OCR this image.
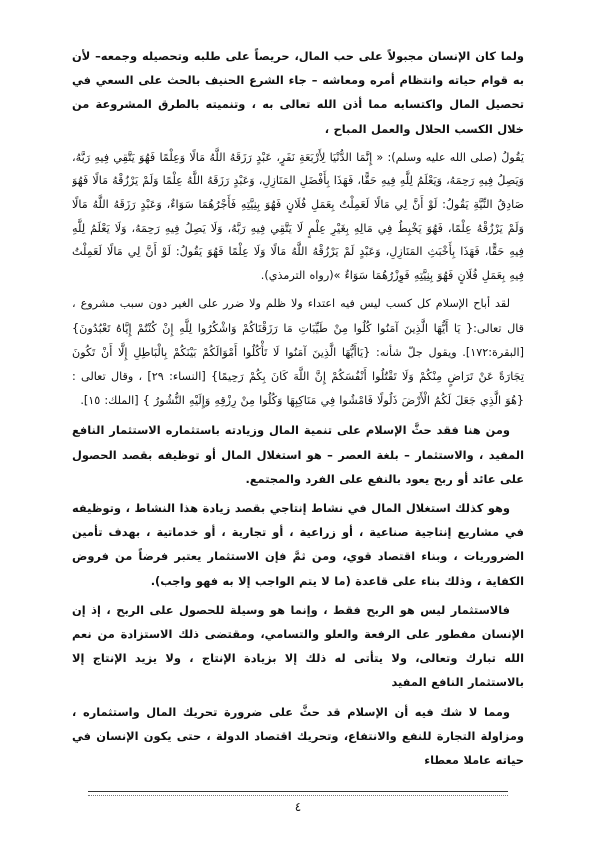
ولما كان الإنسان مجبولاً على حب المال، حريصاً على طلبه وتحصيله وجمعه– لأن به قوام حياته وانتظام أمره ومعاشه – جاء الشرع الحنيف بالحث على السعي في تحصيل المال واكتسابه مما أذن الله تعالى به ، وتنميته بالطرق المشروعة من خلال الكسب الحلال والعمل المباح ،

يَقُولُ (صلى الله عليه وسلم): « إِنَّمَا الدُّنْيَا لِأَرْبَعَةِ نَفَرٍ، عَبْدٍ رَزَقَهُ اللَّهُ مَالًا وَعِلْمًا فَهُوَ يَتَّقِي فِيهِ رَبَّهُ، وَيَصِلُ فِيهِ رَحِمَهُ، وَيَعْلَمُ لِلَّهِ فِيهِ حَقًّا، فَهَذَا بِأَفْضَلِ المَنَازِلِ، وَعَبْدٍ رَزَقَهُ اللَّهُ عِلْمًا وَلَمْ يَرْزُقْهُ مَالًا فَهُوَ صَادِقُ النِّيَّةِ يَقُولُ: لَوْ أَنَّ لِي مَالًا لَعَمِلْتُ بِعَمَلِ فُلَانٍ فَهُوَ بِنِيَّتِهِ فَأَجْرُهُمَا سَوَاءٌ، وَعَبْدٍ رَزَقَهُ اللَّهُ مَالًا وَلَمْ يَرْزُقْهُ عِلْمًا، فَهُوَ يَخْبِطُ فِي مَالِهِ بِغَيْرِ عِلْمٍ لَا يَتَّقِي فِيهِ رَبَّهُ، وَلَا يَصِلُ فِيهِ رَحِمَهُ، وَلَا يَعْلَمُ لِلَّهِ فِيهِ حَقًّا، فَهَذَا بِأَخْبَثِ المَنَازِلِ، وَعَبْدٍ لَمْ يَرْزُقْهُ اللَّهُ مَالًا وَلَا عِلْمًا فَهُوَ يَقُولُ: لَوْ أَنَّ لِي مَالًا لَعَمِلْتُ فِيهِ بِعَمَلِ فُلَانٍ فَهُوَ بِنِيَّتِهِ فَوِزْرُهُمَا سَوَاءٌ »(رواه الترمذي).

لقد أباح الإسلام كل كسب ليس فيه اعتداء ولا ظلم ولا ضرر على الغير دون سبب مشروع ، قال تعالى:{ يَا أَيُّهَا الَّذِينَ آمَنُوا كُلُوا مِنْ طَيِّبَاتِ مَا رَزَقْنَاكُمْ وَاشْكُرُوا لِلَّهِ إِنْ كُنْتُمْ إِيَّاهُ تَعْبُدُونَ}[البقرة:١٧٢]. ويقول جلّ شأنه: {يَاأَيُّهَا الَّذِينَ آمَنُوا لَا تَأْكُلُوا أَمْوَالَكُمْ بَيْنَكُمْ بِالْبَاطِلِ إِلَّا أَنْ تَكُونَ تِجَارَةً عَنْ تَرَاضٍ مِنْكُمْ وَلَا تَقْتُلُوا أَنْفُسَكُمْ إِنَّ اللَّهَ كَانَ بِكُمْ رَحِيمًا} [النساء: ٢٩] ، وقال تعالى : {هُوَ الَّذِي جَعَلَ لَكُمُ الْأَرْضَ ذَلُولًا فَامْشُوا فِي مَنَاكِبِهَا وَكُلُوا مِنْ رِزْقِهِ وَإِلَيْهِ النُّشُورُ } [الملك: ١٥].

ومن هنا فقد حثَّ الإسلام على تنمية المال وزيادته باستثماره الاستثمار النافع المفيد ، والاستثمار – بلغة العصر – هو استغلال المال أو توظيفه بقصد الحصول على عائد أو ربح يعود بالنفع على الفرد والمجتمع.

وهو كذلك استغلال المال في نشاط إنتاجي بقصد زيادة هذا النشاط ، وتوظيفه في مشاريع إنتاجية صناعية ، أو زراعية ، أو تجارية ، أو خدماتية ، بهدف تأمين الضروريات ، وبناء اقتصاد قوي، ومن ثمَّ فإن الاستثمار يعتبر فرضاً من فروض الكفاية ، وذلك بناء على قاعدة (ما لا يتم الواجب إلا به فهو واجب).

فالاستثمار ليس هو الربح فقط ، وإنما هو وسيلة للحصول على الربح ، إذ إن الإنسان مفطور على الرفعة والعلو والتسامي، ومقتضى ذلك الاستزادة من نعم الله تبارك وتعالى، ولا يتأتى له ذلك إلا بزيادة الإنتاج ، ولا يزيد الإنتاج إلا بالاستثمار النافع المفيد

ومما لا شك فيه أن الإسلام قد حثَّ على ضرورة تحريك المال واستثماره ، ومزاولة التجارة للنفع والانتفاع، وتحريك اقتصاد الدولة ، حتى يكون الإنسان في حياته عاملا معطاء

٤
